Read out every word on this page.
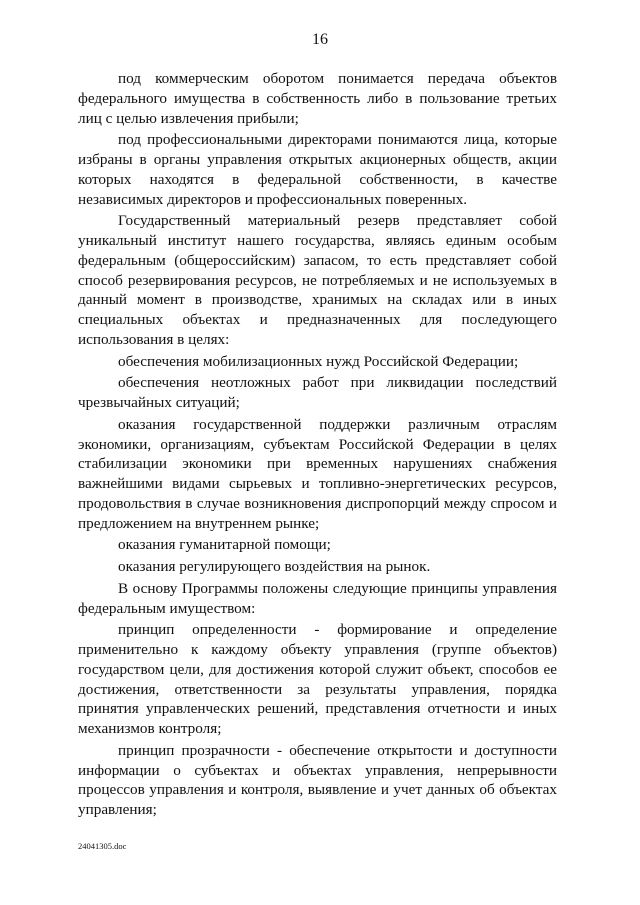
16

под коммерческим оборотом понимается передача объектов федерального имущества в собственность либо в пользование третьих лиц с целью извлечения прибыли;

под профессиональными директорами понимаются лица, которые избраны в органы управления открытых акционерных обществ, акции которых находятся в федеральной собственности, в качестве независимых директоров и профессиональных поверенных.

Государственный материальный резерв представляет собой уникальный институт нашего государства, являясь единым особым федеральным (общероссийским) запасом, то есть представляет собой способ резервирования ресурсов, не потребляемых и не используемых в данный момент в производстве, хранимых на складах или в иных специальных объектах и предназначенных для последующего использования в целях:

обеспечения мобилизационных нужд Российской Федерации;

обеспечения неотложных работ при ликвидации последствий чрезвычайных ситуаций;

оказания государственной поддержки различным отраслям экономики, организациям, субъектам Российской Федерации в целях стабилизации экономики при временных нарушениях снабжения важнейшими видами сырьевых и топливно-энергетических ресурсов, продовольствия в случае возникновения диспропорций между спросом и предложением на внутреннем рынке;

оказания гуманитарной помощи;

оказания регулирующего воздействия на рынок.

В основу Программы положены следующие принципы управления федеральным имуществом:

принцип определенности - формирование и определение применительно к каждому объекту управления (группе объектов) государством цели, для достижения которой служит объект, способов ее достижения, ответственности за результаты управления, порядка принятия управленческих решений, представления отчетности и иных механизмов контроля;

принцип прозрачности - обеспечение открытости и доступности информации о субъектах и объектах управления, непрерывности процессов управления и контроля, выявление и учет данных об объектах управления;

24041305.doc
